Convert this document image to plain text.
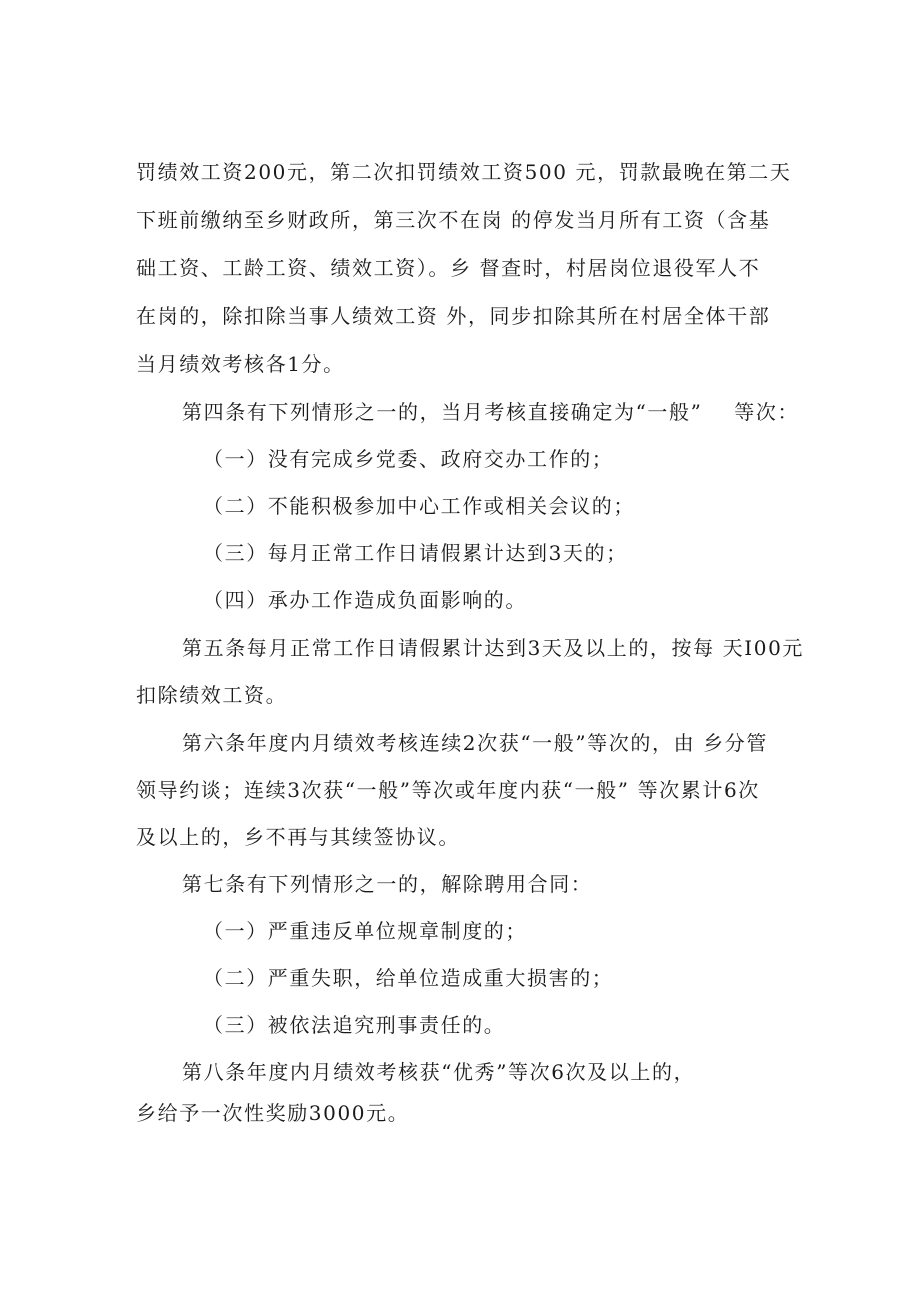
罚绩效工资200元，第二次扣罚绩效工资500 元，罚款最晚在第二天

下班前缴纳至乡财政所，第三次不在岗 的停发当月所有工资（含基

础工资、工龄工资、绩效工资）。乡 督查时，村居岗位退役军人不

在岗的，除扣除当事人绩效工资 外，同步扣除其所在村居全体干部

当月绩效考核各1分。

第四条有下列情形之一的，当月考核直接确定为“一般”    等次：

（一）没有完成乡党委、政府交办工作的；

（二）不能积极参加中心工作或相关会议的；

（三）每月正常工作日请假累计达到3天的；

（四）承办工作造成负面影响的。

第五条每月正常工作日请假累计达到3天及以上的，按每 天I00元

扣除绩效工资。

第六条年度内月绩效考核连续2次获“一般”等次的，由 乡分管

领导约谈；连续3次获“一般”等次或年度内获“一般” 等次累计6次

及以上的，乡不再与其续签协议。

第七条有下列情形之一的，解除聘用合同：

（一）严重违反单位规章制度的；

（二）严重失职，给单位造成重大损害的；

（三）被依法追究刑事责任的。

第八条年度内月绩效考核获“优秀”等次6次及以上的，

乡给予一次性奖励3000元。
